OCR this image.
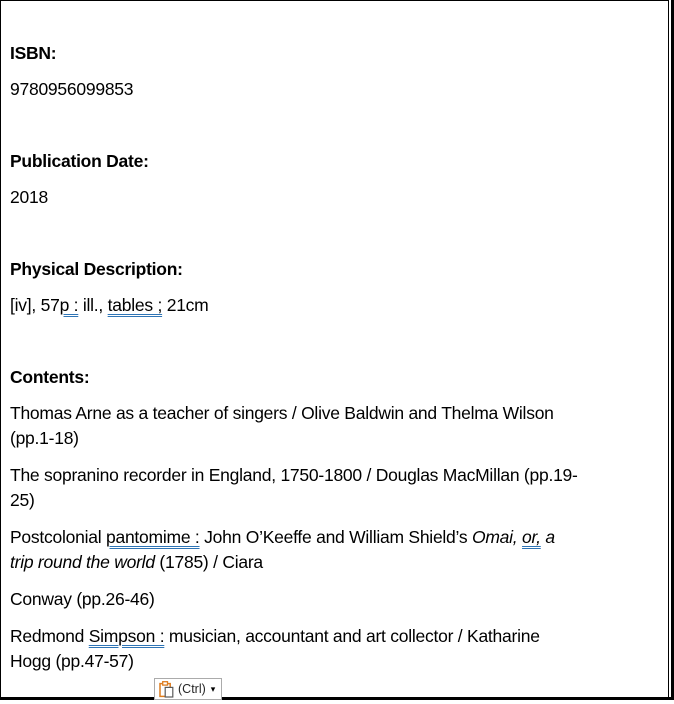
ISBN:

9780956099853

Publication Date:

2018

Physical Description:

[iv], 57p : ill., tables ; 21cm

Contents:

Thomas Arne as a teacher of singers / Olive Baldwin and Thelma Wilson
(pp.1-18)

The sopranino recorder in England, 1750-1800 / Douglas MacMillan (pp.19-
25)

Postcolonial pantomime : John O’Keeffe and William Shield’s Omai, or, a
trip round the world (1785) / Ciara

Conway (pp.26-46)

Redmond Simpson : musician, accountant and art collector / Katharine
Hogg (pp.47-57)

(Ctrl) ▾
